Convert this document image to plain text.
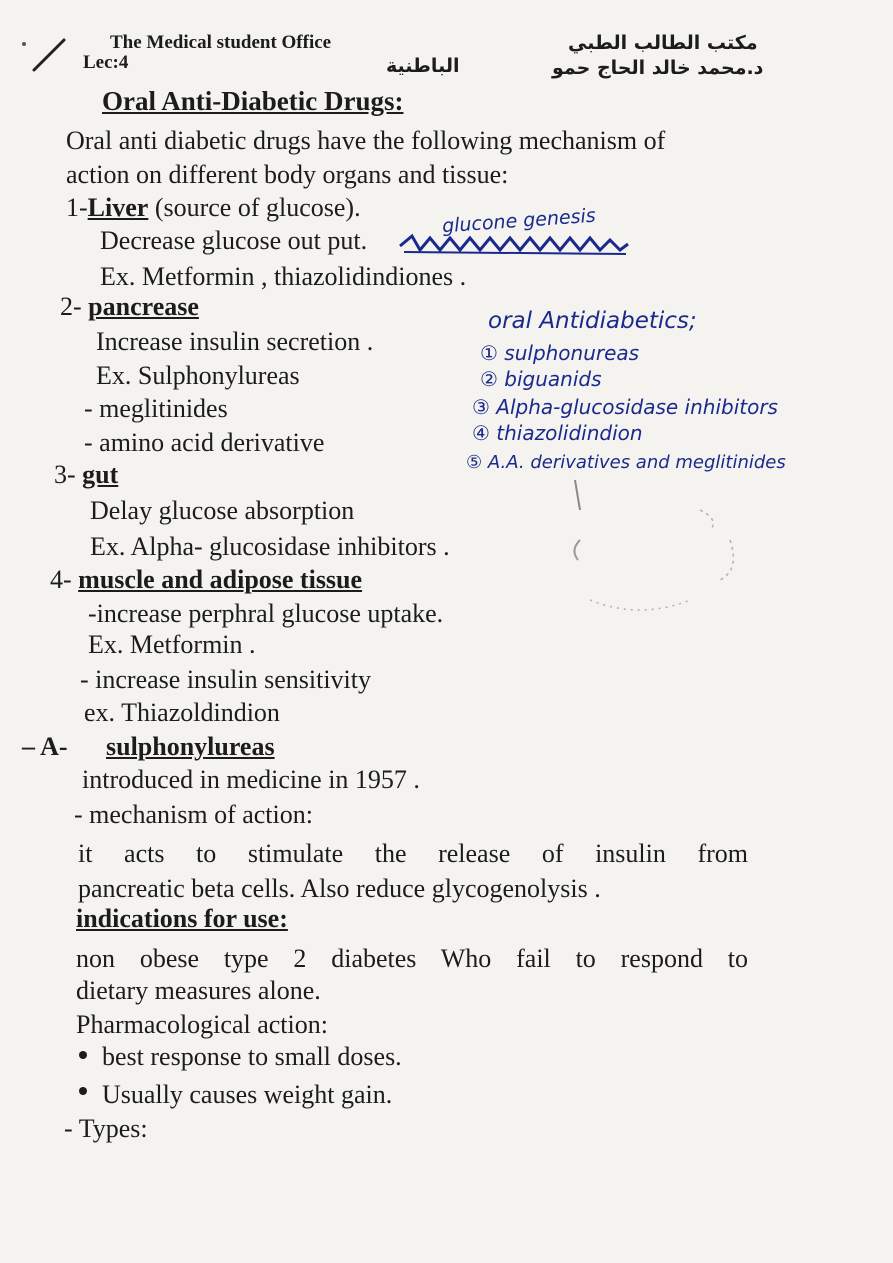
The Medical student Office	مكتب الطالب الطبي
Lec:4	الباطنية	د.محمد خالد الحاج حمو
Oral Anti-Diabetic Drugs:
Oral anti diabetic drugs have the following mechanism of
action on different body organs and tissue:
1-Liver (source of glucose).
Decrease glucose out put.
Ex. Metformin , thiazolidindiones .
glucone genesis
2- pancrease
Increase insulin secretion .
Ex. Sulphonylureas
- meglitinides
- amino acid derivative
oral Antidiabetics;
① sulphonureas
② biguanids
③ Alpha-glucosidase inhibitors
④ thiazolidindion
⑤ A.A. derivatives and meglitinides
3- gut
Delay glucose absorption
Ex. Alpha- glucosidase inhibitors .
4- muscle and adipose tissue
-increase perphral glucose uptake.
Ex. Metformin .
- increase insulin sensitivity
ex. Thiazoldindion
– A- sulphonylureas
introduced in medicine in 1957 .
- mechanism of action:
it acts to stimulate the release of insulin from
pancreatic beta cells. Also reduce glycogenolysis .
indications for use:
non obese type 2 diabetes Who fail to respond to
dietary measures alone.
Pharmacological action:
best response to small doses.
Usually causes weight gain.
- Types:
